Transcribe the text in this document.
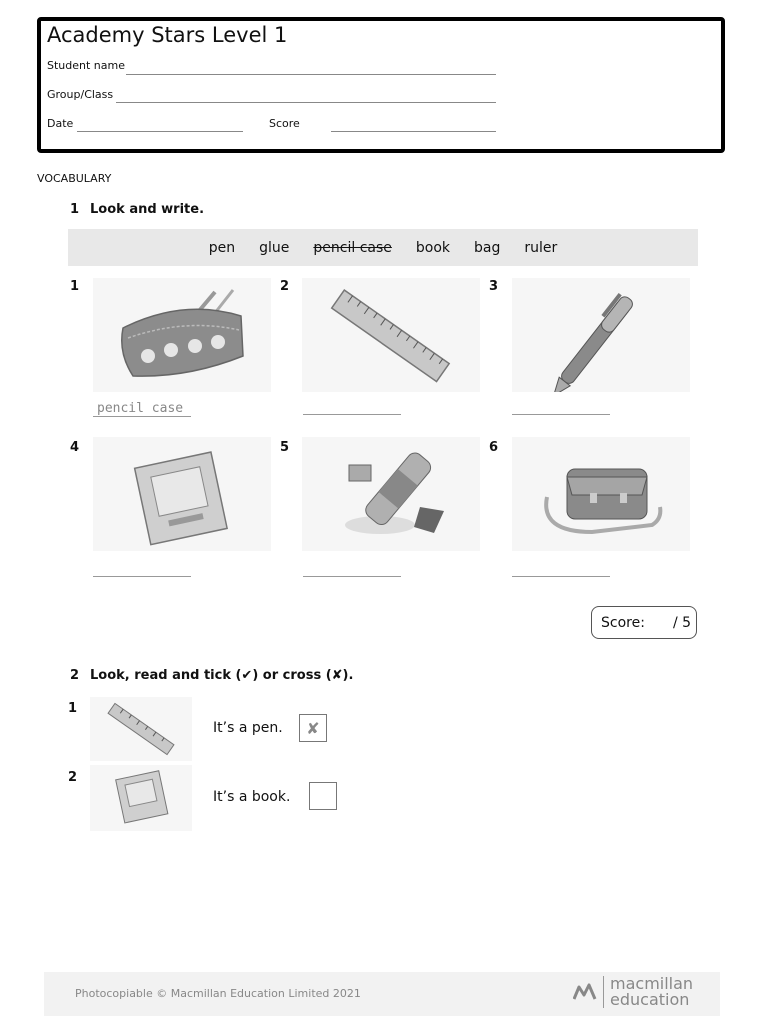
Academy Stars Level 1
Student name
Group/Class
Date	Score
VOCABULARY
1 Look and write.
pen glue pencil case book bag ruler
1
pencil case
2	3
4	5	6
Score: / 5
2 Look, read and tick (✔) or cross (✘).
1
It’s a pen.	✘
2
It’s a book.
Photocopiable © Macmillan Education Limited 2021
macmillan
education
